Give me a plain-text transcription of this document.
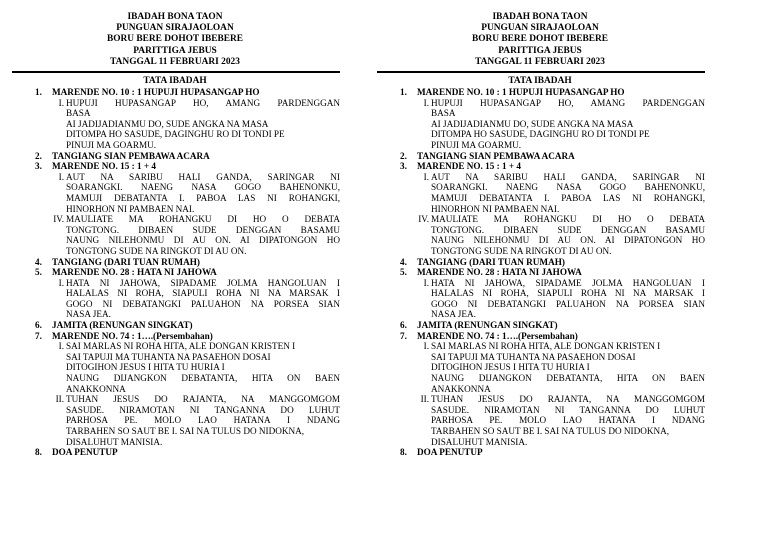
IBADAH BONA TAON
PUNGUAN SIRAJAOLOAN
BORU BERE DOHOT IBEBERE
PARITTIGA JEBUS
TANGGAL 11 FEBRUARI 2023
TATA IBADAH
1.	MARENDE NO. 10 : 1 HUPUJI HUPASANGAP HO
I. HUPUJI HUPASANGAP HO, AMANG PARDENGGAN
BASA
AI JADIJADIANMU DO, SUDE ANGKA NA MASA
DITOMPA HO SASUDE, DAGINGHU RO DI TONDI PE
PINUJI MA GOARMU.
2.	TANGIANG SIAN PEMBAWA ACARA
3.	MARENDE NO. 15 : 1 + 4
I. AUT NA SARIBU HALI GANDA, SARINGAR NI
SOARANGKI. NAENG NASA GOGO BAHENONKU,
MAMUJI DEBATANTA I. PABOA LAS NI ROHANGKI,
HINORHON NI PAMBAEN NAI.
IV. MAULIATE MA ROHANGKU DI HO O DEBATA
TONGTONG. DIBAEN SUDE DENGGAN BASAMU
NAUNG NILEHONMU DI AU ON. AI DIPATONGON HO
TONGTONG SUDE NA RINGKOT DI AU ON.
4.	TANGIANG (DARI TUAN RUMAH)
5.	MARENDE NO. 28 : HATA NI JAHOWA
I. HATA NI JAHOWA, SIPADAME JOLMA HANGOLUAN I
HALALAS NI ROHA, SIAPULI ROHA NI NA MARSAK I
GOGO NI DEBATANGKI PALUAHON NA PORSEA SIAN
NASA JEA.
6.	JAMITA (RENUNGAN SINGKAT)
7.	MARENDE NO. 74 : 1….(Persembahan)
I. SAI MARLAS NI ROHA HITA, ALE DONGAN KRISTEN I
SAI TAPUJI MA TUHANTA NA PASAEHON DOSAI
DITOGIHON JESUS I HITA TU HURIA I
NAUNG DIJANGKON DEBATANTA, HITA ON BAEN
ANAKKONNA
II. TUHAN JESUS DO RAJANTA, NA MANGGOMGOM
SASUDE. NIRAMOTAN NI TANGANNA DO LUHUT
PARHOSA PE. MOLO LAO HATANA I NDANG
TARBAHEN SO SAUT BE I. SAI NA TULUS DO NIDOKNA,
DISALUHUT MANISIA.
8.	DOA PENUTUP
IBADAH BONA TAON
PUNGUAN SIRAJAOLOAN
BORU BERE DOHOT IBEBERE
PARITTIGA JEBUS
TANGGAL 11 FEBRUARI 2023
TATA IBADAH
1.	MARENDE NO. 10 : 1 HUPUJI HUPASANGAP HO
I. HUPUJI HUPASANGAP HO, AMANG PARDENGGAN
BASA
AI JADIJADIANMU DO, SUDE ANGKA NA MASA
DITOMPA HO SASUDE, DAGINGHU RO DI TONDI PE
PINUJI MA GOARMU.
2.	TANGIANG SIAN PEMBAWA ACARA
3.	MARENDE NO. 15 : 1 + 4
I. AUT NA SARIBU HALI GANDA, SARINGAR NI
SOARANGKI. NAENG NASA GOGO BAHENONKU,
MAMUJI DEBATANTA I. PABOA LAS NI ROHANGKI,
HINORHON NI PAMBAEN NAI.
IV. MAULIATE MA ROHANGKU DI HO O DEBATA
TONGTONG. DIBAEN SUDE DENGGAN BASAMU
NAUNG NILEHONMU DI AU ON. AI DIPATONGON HO
TONGTONG SUDE NA RINGKOT DI AU ON.
4.	TANGIANG (DARI TUAN RUMAH)
5.	MARENDE NO. 28 : HATA NI JAHOWA
I. HATA NI JAHOWA, SIPADAME JOLMA HANGOLUAN I
HALALAS NI ROHA, SIAPULI ROHA NI NA MARSAK I
GOGO NI DEBATANGKI PALUAHON NA PORSEA SIAN
NASA JEA.
6.	JAMITA (RENUNGAN SINGKAT)
7.	MARENDE NO. 74 : 1….(Persembahan)
I. SAI MARLAS NI ROHA HITA, ALE DONGAN KRISTEN I
SAI TAPUJI MA TUHANTA NA PASAEHON DOSAI
DITOGIHON JESUS I HITA TU HURIA I
NAUNG DIJANGKON DEBATANTA, HITA ON BAEN
ANAKKONNA
II. TUHAN JESUS DO RAJANTA, NA MANGGOMGOM
SASUDE. NIRAMOTAN NI TANGANNA DO LUHUT
PARHOSA PE. MOLO LAO HATANA I NDANG
TARBAHEN SO SAUT BE I. SAI NA TULUS DO NIDOKNA,
DISALUHUT MANISIA.
8.	DOA PENUTUP
